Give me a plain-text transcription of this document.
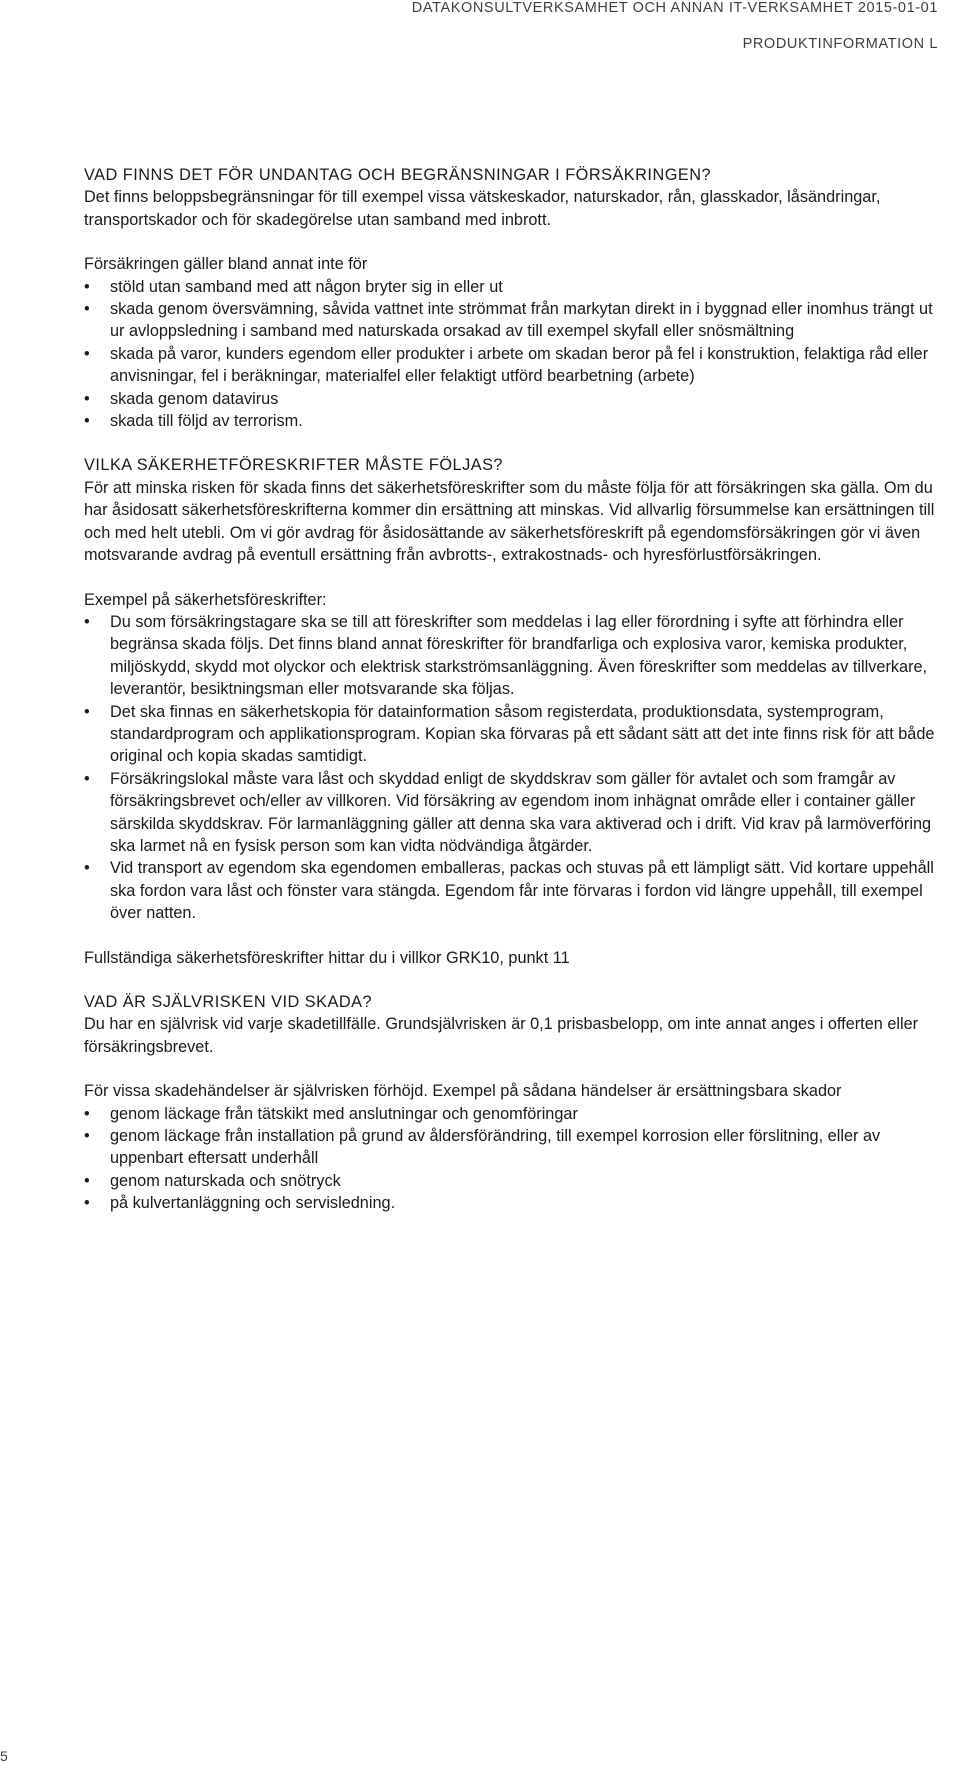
DATAKONSULTVERKSAMHET OCH ANNAN IT-VERKSAMHET 2015-01-01
PRODUKTINFORMATION L

VAD FINNS DET FÖR UNDANTAG OCH BEGRÄNSNINGAR I FÖRSÄKRINGEN?

Det finns beloppsbegränsningar för till exempel vissa vätskeskador, naturskador, rån, glasskador, låsändringar, transportskador och för skadegörelse utan samband med inbrott.

Försäkringen gäller bland annat inte för

• stöld utan samband med att någon bryter sig in eller ut
• skada genom översvämning, såvida vattnet inte strömmat från markytan direkt in i byggnad eller inomhus trängt ut ur avloppsledning i samband med naturskada orsakad av till exempel skyfall eller snösmältning
• skada på varor, kunders egendom eller produkter i arbete om skadan beror på fel i konstruktion, felaktiga råd eller anvisningar, fel i beräkningar, materialfel eller felaktigt utförd bearbetning (arbete)
• skada genom datavirus
• skada till följd av terrorism.

VILKA SÄKERHETFÖRESKRIFTER MÅSTE FÖLJAS?

För att minska risken för skada finns det säkerhetsföreskrifter som du måste följa för att försäkringen ska gälla. Om du har åsidosatt säkerhetsföreskrifterna kommer din ersättning att minskas. Vid allvarlig försummelse kan ersättningen till och med helt utebli. Om vi gör avdrag för åsidosättande av säkerhetsföreskrift på egendomsförsäkringen gör vi även motsvarande avdrag på eventull ersättning från avbrotts-, extrakostnads- och hyresförlustförsäkringen.

Exempel på säkerhetsföreskrifter:

• Du som försäkringstagare ska se till att föreskrifter som meddelas i lag eller förordning i syfte att förhindra eller begränsa skada följs. Det finns bland annat föreskrifter för brandfarliga och explosiva varor, kemiska produkter, miljöskydd, skydd mot olyckor och elektrisk starkströmsanläggning. Även föreskrifter som meddelas av tillverkare, leverantör, besiktningsman eller motsvarande ska följas.
• Det ska finnas en säkerhetskopia för datainformation såsom registerdata, produktionsdata, systemprogram, standardprogram och applikationsprogram. Kopian ska förvaras på ett sådant sätt att det inte finns risk för att både original och kopia skadas samtidigt.
• Försäkringslokal måste vara låst och skyddad enligt de skyddskrav som gäller för avtalet och som framgår av försäkringsbrevet och/eller av villkoren. Vid försäkring av egendom inom inhägnat område eller i container gäller särskilda skyddskrav. För larmanläggning gäller att denna ska vara aktiverad och i drift. Vid krav på larmöverföring ska larmet nå en fysisk person som kan vidta nödvändiga åtgärder.
• Vid transport av egendom ska egendomen emballeras, packas och stuvas på ett lämpligt sätt. Vid kortare uppehåll ska fordon vara låst och fönster vara stängda. Egendom får inte förvaras i fordon vid längre uppehåll, till exempel över natten.

Fullständiga säkerhetsföreskrifter hittar du i villkor GRK10, punkt 11

VAD ÄR SJÄLVRISKEN VID SKADA?

Du har en självrisk vid varje skadetillfälle. Grundsjälvrisken är 0,1 prisbasbelopp, om inte annat anges i offerten eller försäkringsbrevet.

För vissa skadehändelser är självrisken förhöjd. Exempel på sådana händelser är ersättningsbara skador

• genom läckage från tätskikt med anslutningar och genomföringar
• genom läckage från installation på grund av åldersförändring, till exempel korrosion eller förslitning, eller av uppenbart eftersatt underhåll
• genom naturskada och snötryck
• på kulvertanläggning och servisledning.
5
